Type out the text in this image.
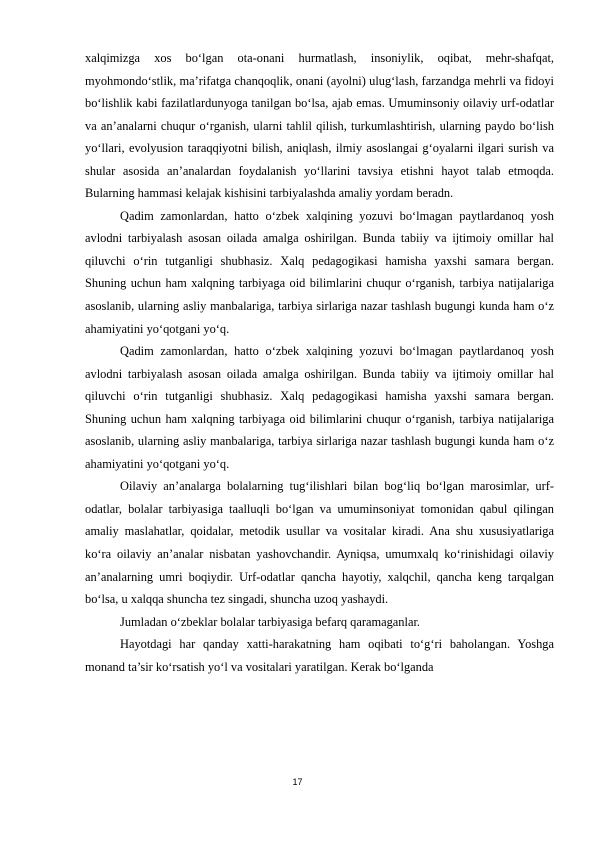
xalqimizga xos bo‘lgan ota-onani hurmatlash, insoniylik, oqibat, mehr-shafqat, myohmondo‘stlik, ma’rifatga chanqoqlik, onani (ayolni) ulug‘lash, farzandga mehrli va fidoyi bo‘lishlik kabi fazilatlardunyoga tanilgan bo‘lsa, ajab emas. Umuminsoniy oilaviy urf-odatlar va an’analarni chuqur o‘rganish, ularni tahlil qilish, turkumlashtirish, ularning paydo bo‘lish yo‘llari, evolyusion taraqqiyotni bilish, aniqlash, ilmiy asoslangai g‘oyalarni ilgari surish va shular asosida an’analardan foydalanish yo‘llarini tavsiya etishni hayot talab etmoqda. Bularning hammasi kelajak kishisini tarbiyalashda amaliy yordam beradn.

Qadim zamonlardan, hatto o‘zbek xalqining yozuvi bo‘lmagan paytlardanoq yosh avlodni tarbiyalash asosan oilada amalga oshirilgan. Bunda tabiiy va ijtimoiy omillar hal qiluvchi o‘rin tutganligi shubhasiz. Xalq pedagogikasi hamisha yaxshi samara bergan. Shuning uchun ham xalqning tarbiyaga oid bilimlarini chuqur o‘rganish, tarbiya natijalariga asoslanib, ularning asliy manbalariga, tarbiya sirlariga nazar tashlash bugungi kunda ham o‘z ahamiyatini yo‘qotgani yo‘q.

Qadim zamonlardan, hatto o‘zbek xalqining yozuvi bo‘lmagan paytlardanoq yosh avlodni tarbiyalash asosan oilada amalga oshirilgan. Bunda tabiiy va ijtimoiy omillar hal qiluvchi o‘rin tutganligi shubhasiz. Xalq pedagogikasi hamisha yaxshi samara bergan. Shuning uchun ham xalqning tarbiyaga oid bilimlarini chuqur o‘rganish, tarbiya natijalariga asoslanib, ularning asliy manbalariga, tarbiya sirlariga nazar tashlash bugungi kunda ham o‘z ahamiyatini yo‘qotgani yo‘q.

Oilaviy an’analarga bolalarning tug‘ilishlari bilan bog‘liq bo‘lgan marosimlar, urf- odatlar, bolalar tarbiyasiga taalluqli bo‘lgan va umuminsoniyat tomonidan qabul qilingan amaliy maslahatlar, qoidalar, metodik usullar va vositalar kiradi. Ana shu xususiyatlariga ko‘ra oilaviy an’analar nisbatan yashovchandir. Ayniqsa, umumxalq ko‘rinishidagi oilaviy an’analarning umri boqiydir. Urf-odatlar qancha hayotiy, xalqchil, qancha keng tarqalgan bo‘lsa, u xalqqa shuncha tez singadi, shuncha uzoq yashaydi.

Jumladan o‘zbeklar bolalar tarbiyasiga befarq qaramaganlar.

Hayotdagi har qanday xatti-harakatning ham oqibati to‘g‘ri baholangan. Yoshga monand ta’sir ko‘rsatish yo‘l va vositalari yaratilgan. Kerak bo‘lganda

17
